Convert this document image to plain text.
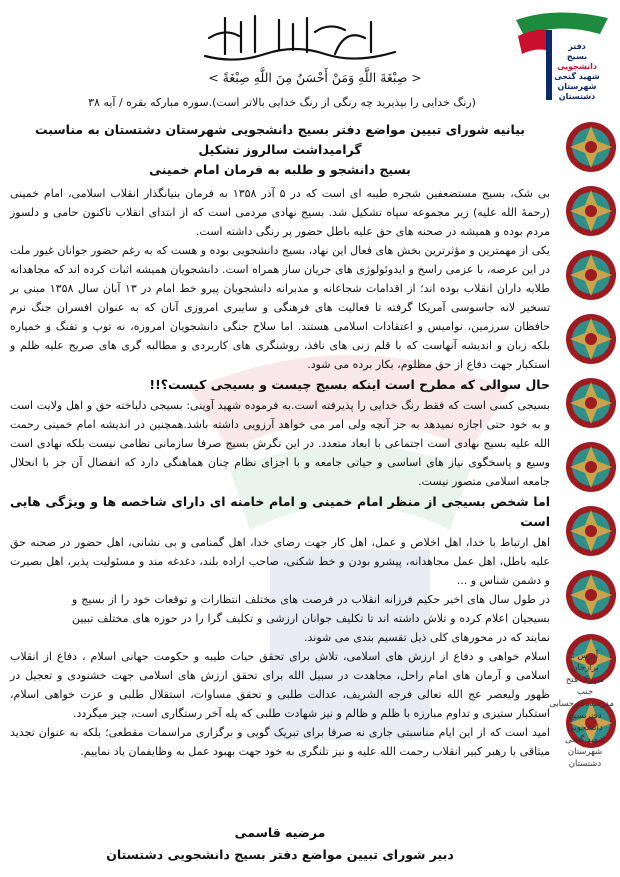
دفتر
بسیج
دانشجویی
شهید گنجی
شهرستان دشتستان
< صِبْغَةَ اللَّهِ وَمَنْ أَحْسَنُ مِنَ اللَّهِ صِبْغَةً >
(رنگ خدایی را بپذیرید چه رنگی از رنگ خدایی بالاتر است).سوره مبارکه بقره / آیه ۳۸
بیانیه شورای تبیین مواضع دفتر بسیج دانشجویی شهرستان دشتستان به مناسبت گرامیداشت سالروز تشکیل
بسیج دانشجو و طلبه به فرمان امام خمینی

بی شک، بسیج مستضعفین شجره طیبه ای است که در ۵ آذر ۱۳۵۸ به فرمان بنیانگذار انقلاب اسلامی، امام خمینی (رحمهٔ الله علیه) زیر مجموعه سپاه تشکیل شد. بسیج نهادی مردمی است که از ابتدای انقلاب تاکنون حامی و دلسوز مردم بوده و همیشه در صحنه های حق علیه باطل حضور پر رنگی داشته است.

یکی از مهمترین و مؤثرترین بخش های فعال این نهاد، بسیج دانشجویی بوده و هست که به رغم حضور جوانان غیور ملت در این عرصه، با عزمی راسخ و ایدوئولوژی های جریان ساز همراه است. دانشجویان همیشه اثبات کرده اند که مجاهدانه طلایه داران انقلاب بوده اند؛ از اقدامات شجاعانه و مدبرانه دانشجویان پیرو خط امام در ۱۳ آبان سال ۱۳۵۸ مبنی بر تسخیر لانه جاسوسی آمریکا گرفته تا فعالیت های فرهنگی و سایبری امروزی آنان که به عنوان افسران جنگ نرم حافظان سرزمین، نوامیس و اعتقادات اسلامی هستند. اما سلاح جنگی دانشجویان امروزه، نه توپ و تفنگ و خمپاره بلکه زبان و اندیشه آنهاست که با قلم زنی های نافذ، روشنگری های کاربردی و مطالبه گری های صریح علیه ظلم و استکبار جهت دفاع از حق مظلوم، بکار برده می شود.

حال سوالی که مطرح است اینکه بسیج چیست و بسیجی کیست؟!!

بسیجی کسی است که فقط رنگ خدایی را پذیرفته است.به فرموده شهید آوینی: بسیجی دلباخته حق و اهل ولایت است و به خود حتی اجازه نمیدهد به جز آنچه ولی امر می خواهد آرزویی داشته باشد.همچنین در اندیشه امام خمینی رحمت الله علیه بسیج نهادی است اجتماعی با ابعاد متعدد. در این نگرش بسیج صرفا سازمانی نظامی نیست بلکه نهادی است وسیع و پاسخگوی نیاز های اساسی و حیاتی جامعه و با اجزای نظام چنان هماهنگی دارد که انفصال آن جز با انحلال جامعه اسلامی متصور نیست.

اما شخص بسیجی از منظر امام خمینی و امام خامنه ای دارای شاخصه ها و ویژگی هایی است

اهل ارتباط با خدا، اهل اخلاص و عمل، اهل کار جهت رضای خدا، اهل گمنامی و بی نشانی، اهل حضور در صحنه حق علیه باطل، اهل عمل مجاهدانه، پیشرو بودن و خط شکنی، صاحب اراده بلند، دغدغه مند و مسئولیت پذیر، اهل بصیرت و دشمن شناس و ...

در طول سال های اخیر حکیم فرزانه انقلاب در فرصت های مختلف انتظارات و توقعات خود را از بسیج و بسیجیان اعلام کرده و تلاش داشته اند تا تکلیف جوانان ارزشی و تکلیف گرا را در حوزه های مختلف تبیین نمایند که در محورهای کلی ذیل تقسیم بندی می شوند.

اسلام خواهی و دفاع از ارزش های اسلامی، تلاش برای تحقق حیات طیبه و حکومت جهانی اسلام ، دفاع از انقلاب اسلامی و آرمان های امام راحل، مجاهدت در سبیل الله برای تحقق ارزش های اسلامی جهت خشنودی و تعجیل در ظهور ولیعصر عج الله تعالی فرجه الشریف، عدالت طلبی و تحقق مساوات، استقلال طلبی و عزت خواهی اسلام، استکبار ستیزی و تداوم مبارزه با ظلم و ظالم و نیز شهادت طلبی که پله آخر رستگاری است، چیز میگردد.

امید است که از این ایام مناسبتی جاری نه صرفا برای تبریک گویی و برگزاری مراسمات مقطعی؛ بلکه به عنوان تجدید میثاقی با رهبر کبیر انقلاب رحمت الله علیه و نیز تلنگری به خود جهت بهبود عمل به وظایفمان یاد نماییم.

آدرس :
برازجان
شهرک فتح
جنب
مدرسه‌دکترحسابی
دفتربسیج دانشجویی
شهید گنجی
شهرستان دشتستان
مرضیه قاسمی
دبیر شورای تبیین مواضع دفتر بسیج دانشجویی دشتستان
